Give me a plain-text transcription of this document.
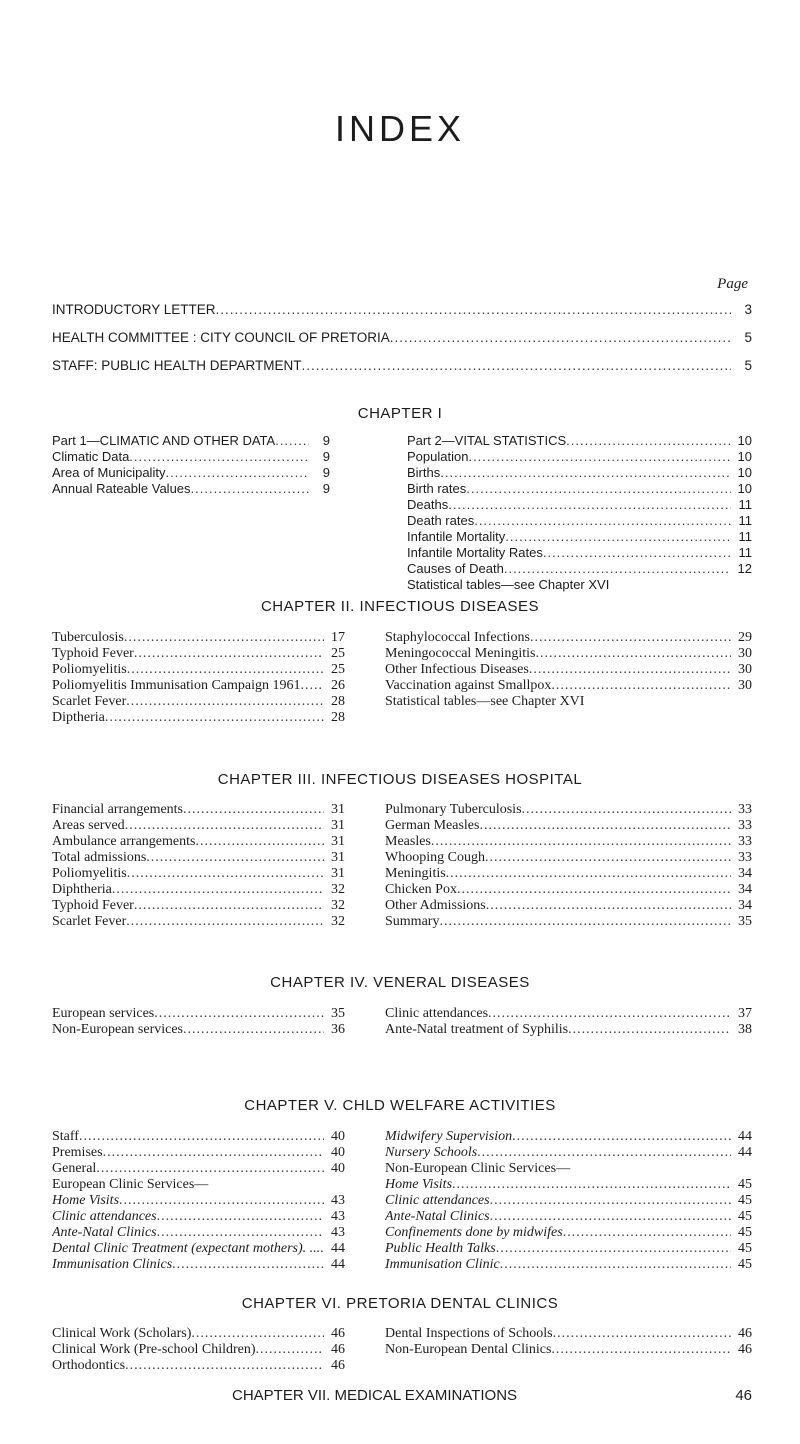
INDEX
Page
INTRODUCTORY LETTER .....	3
HEALTH COMMITTEE : CITY COUNCIL OF PRETORIA .....	5
STAFF: PUBLIC HEALTH DEPARTMENT .....	5
CHAPTER I
Part 1—CLIMATIC AND OTHER DATA .....	9
Climatic Data .....	9
Area of Municipality .....	9
Annual Rateable Values .....	9
Part 2—VITAL STATISTICS .....	10
Population .....	10
Births .....	10
Birth rates .....	10
Deaths .....	11
Death rates .....	11
Infantile Mortality .....	11
Infantile Mortality Rates .....	11
Causes of Death .....	12
Statistical tables—see Chapter XVI
CHAPTER II. INFECTIOUS DISEASES
Tuberculosis .....	17
Typhoid Fever .....	25
Poliomyelitis .....	25
Poliomyelitis Immunisation Campaign 1961 ..... 26
Scarlet Fever .....	28
Diptheria .....	28
Staphylococcal Infections .....	29
Meningococcal Meningitis .....	30
Other Infectious Diseases .....	30
Vaccination against Smallpox .....	30
Statistical tables—see Chapter XVI
CHAPTER III. INFECTIOUS DISEASES HOSPITAL
Financial arrangements .....	31
Areas served .....	31
Ambulance arrangements .....	31
Total admissions .....	31
Poliomyelitis .....	31
Diphtheria .....	32
Typhoid Fever .....	32
Scarlet Fever .....	32
Pulmonary Tuberculosis .....	33
German Measles .....	33
Measles .....	33
Whooping Cough .....	33
Meningitis .....	34
Chicken Pox .....	34
Other Admissions .....	34
Summary .....	35
CHAPTER IV. VENERAL DISEASES
European services .....	35
Non-European services .....	36
Clinic attendances .....	37
Ante-Natal treatment of Syphilis .....	38
CHAPTER V. CHLD WELFARE ACTIVITIES
Staff .....	40
Premises .....	40
General .....	40
European Clinic Services—
Home Visits .....	43
Clinic attendances .....	43
Ante-Natal Clinics .....	43
Dental Clinic Treatment (expectant mothers). ... ..... 44
Immunisation Clinics .....	44
Midwifery Supervision .....	44
Nursery Schools .....	44
Non-European Clinic Services—
Home Visits .....	45
Clinic attendances .....	45
Ante-Natal Clinics .....	45
Confinements done by midwifes .....	45
Public Health Talks .....	45
Immunisation Clinic .....	45
CHAPTER VI. PRETORIA DENTAL CLINICS
Clinical Work (Scholars) .....	46
Clinical Work (Pre-school Children) .....	46
Orthodontics .....	46
Dental Inspections of Schools .....	46
Non-European Dental Clinics .....	46
CHAPTER VII. MEDICAL EXAMINATIONS	46
